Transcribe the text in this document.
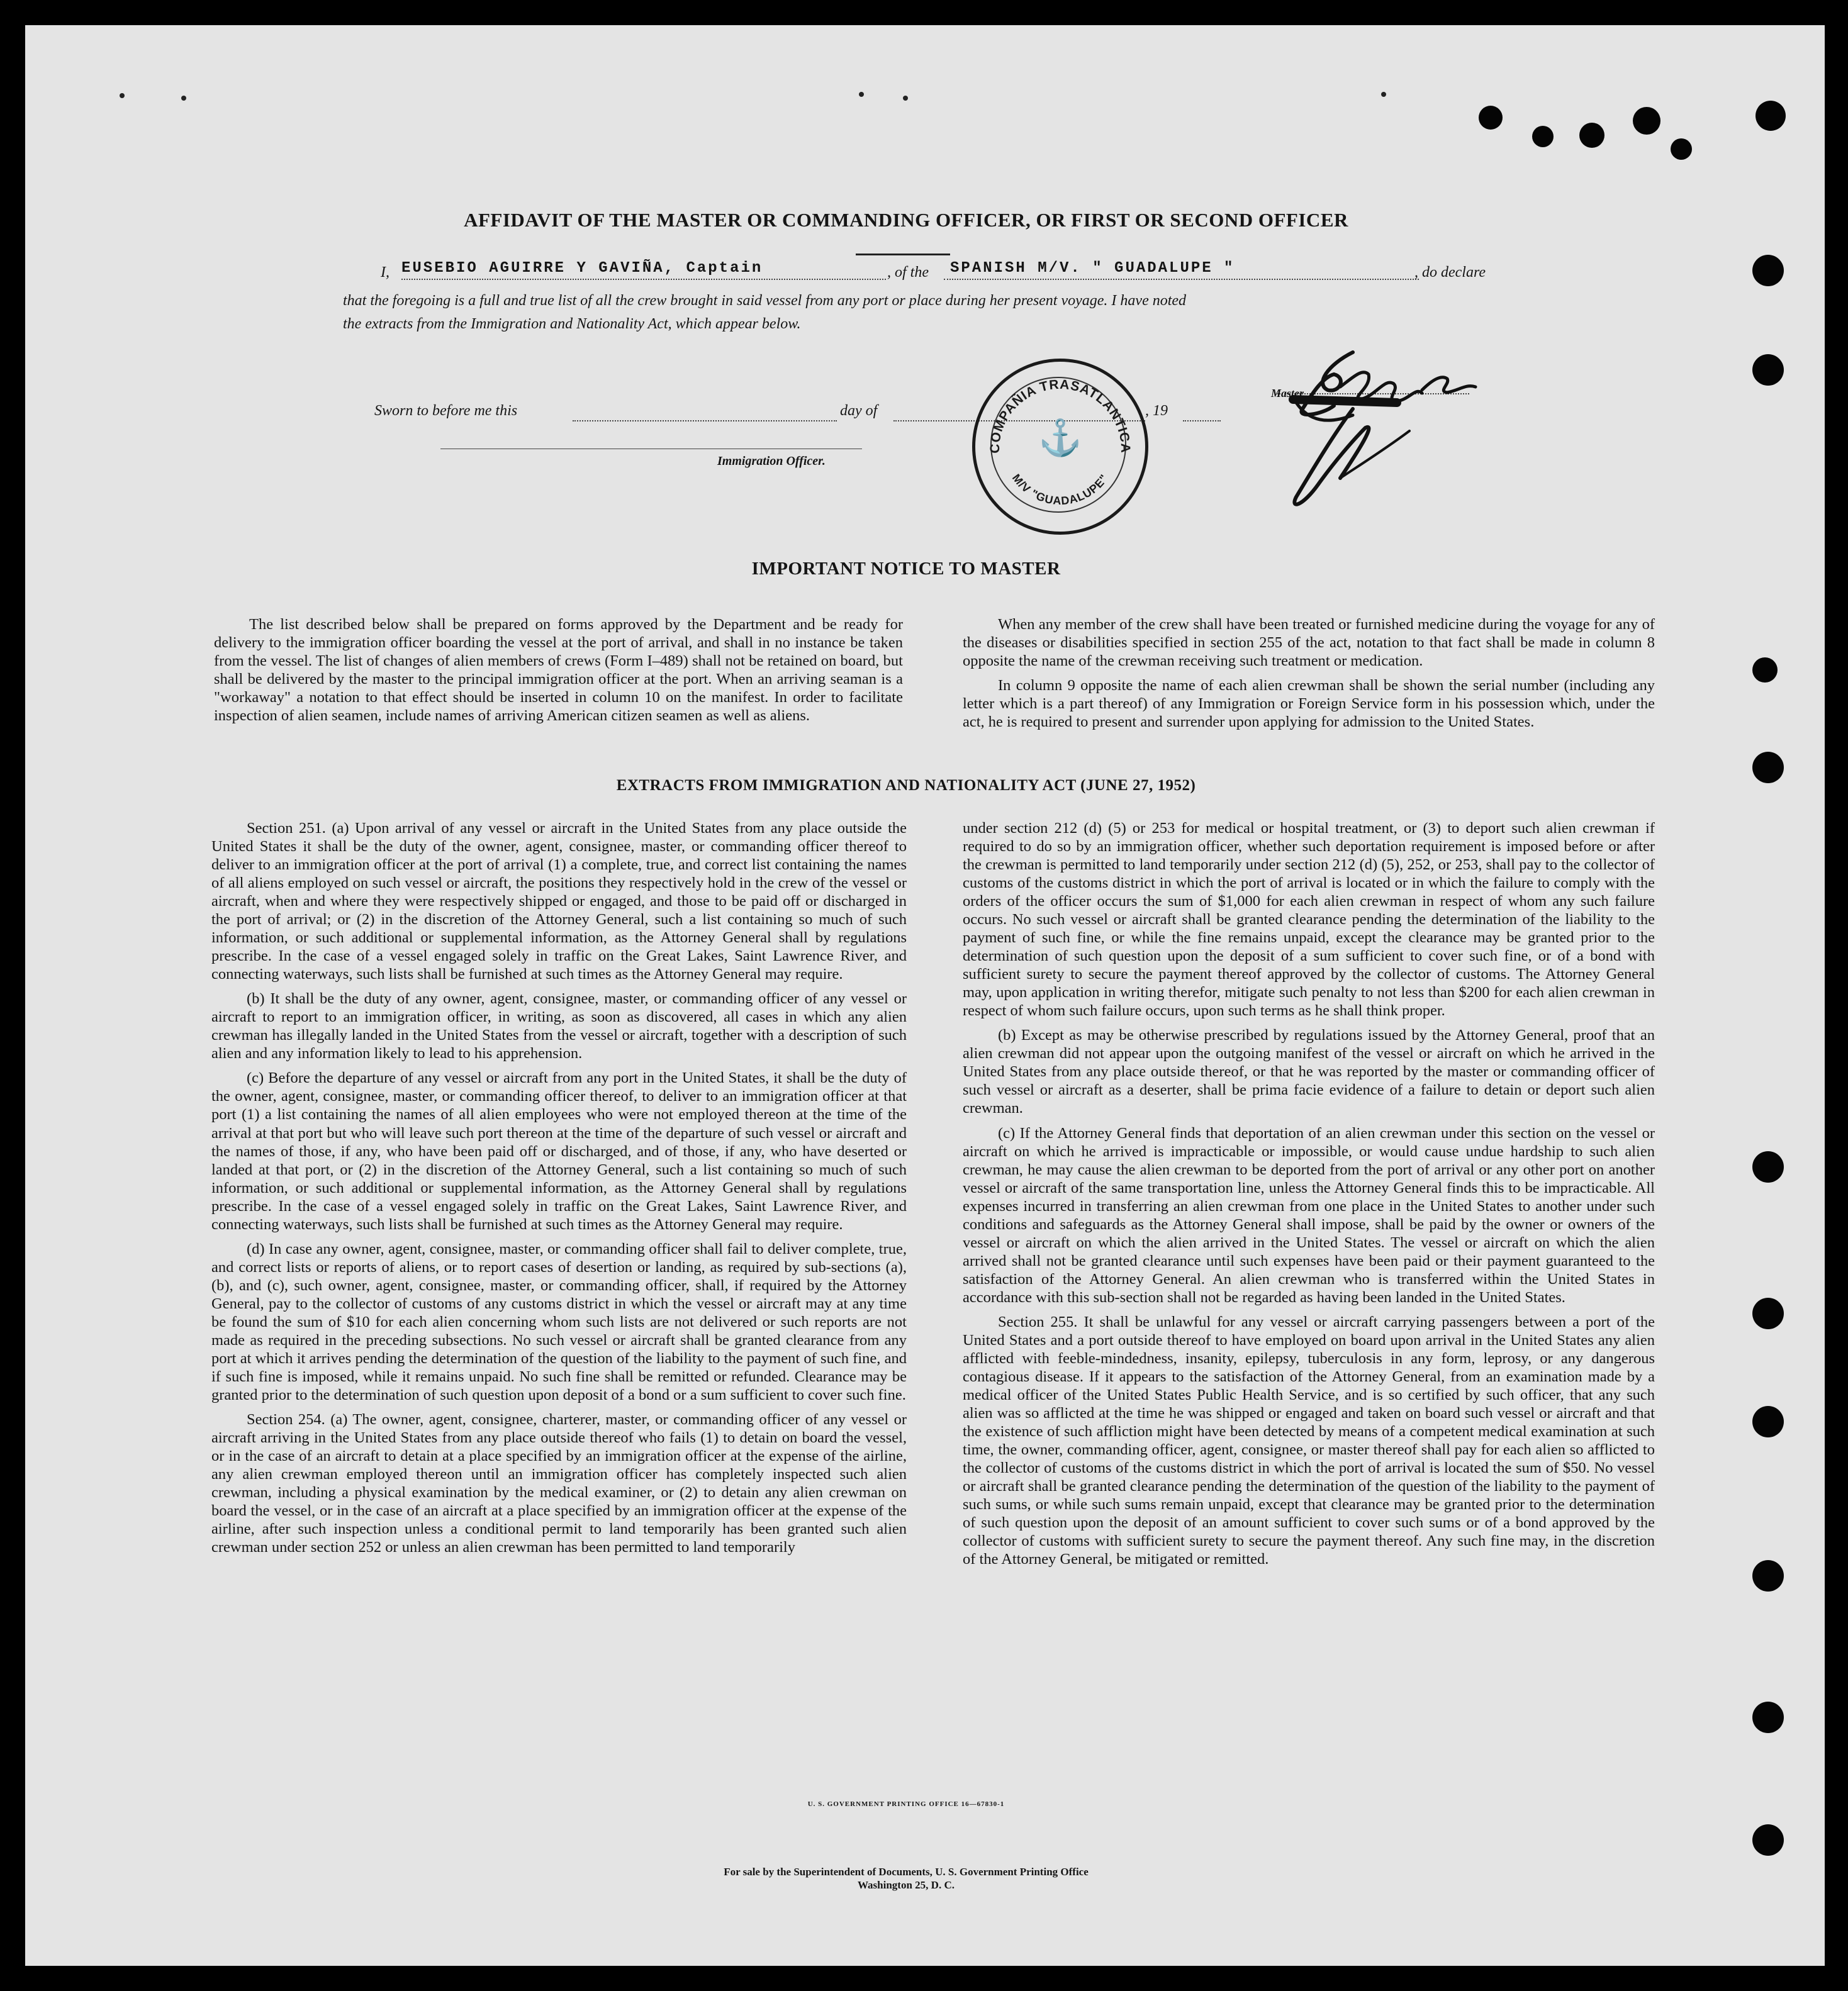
AFFIDAVIT OF THE MASTER OR COMMANDING OFFICER, OR FIRST OR SECOND OFFICER
I, EUSEBIO AGUIRRE Y GAVIÑA, Captain	, of the SPANISH M/V. " GUADALUPE "	, do declare
that the foregoing is a full and true list of all the crew brought in said vessel from any port or place during her present voyage. I have noted
the extracts from the Immigration and Nationality Act, which appear below.
Sworn to before me this	day of	, 19
Immigration Officer.
Master
COMPAÑIA TRASATLANTICA
M/V "GUADALUPE"
⚓
IMPORTANT NOTICE TO MASTER

The list described below shall be prepared on forms approved by the Department and be ready for delivery to the immigration officer boarding the vessel at the port of arrival, and shall in no instance be taken from the vessel. The list of changes of alien members of crews (Form I–489) shall not be retained on board, but shall be delivered by the master to the principal immigration officer at the port. When an arriving seaman is a "workaway" a notation to that effect should be inserted in column 10 on the manifest. In order to facilitate inspection of alien seamen, include names of arriving American citizen seamen as well as aliens.

When any member of the crew shall have been treated or furnished medicine during the voyage for any of the diseases or disabilities specified in section 255 of the act, notation to that fact shall be made in column 8 opposite the name of the crewman receiving such treatment or medication.

In column 9 opposite the name of each alien crewman shall be shown the serial number (including any letter which is a part thereof) of any Immigration or Foreign Service form in his possession which, under the act, he is required to present and surrender upon applying for admission to the United States.

EXTRACTS FROM IMMIGRATION AND NATIONALITY ACT (JUNE 27, 1952)

Section 251. (a) Upon arrival of any vessel or aircraft in the United States from any place outside the United States it shall be the duty of the owner, agent, consignee, master, or commanding officer thereof to deliver to an immigration officer at the port of arrival (1) a complete, true, and correct list containing the names of all aliens employed on such vessel or aircraft, the positions they respectively hold in the crew of the vessel or aircraft, when and where they were respectively shipped or engaged, and those to be paid off or discharged in the port of arrival; or (2) in the discretion of the Attorney General, such a list containing so much of such information, or such additional or supplemental information, as the Attorney General shall by regulations prescribe. In the case of a vessel engaged solely in traffic on the Great Lakes, Saint Lawrence River, and connecting waterways, such lists shall be furnished at such times as the Attorney General may require.

(b) It shall be the duty of any owner, agent, consignee, master, or commanding officer of any vessel or aircraft to report to an immigration officer, in writing, as soon as discovered, all cases in which any alien crewman has illegally landed in the United States from the vessel or aircraft, together with a description of such alien and any information likely to lead to his apprehension.

(c) Before the departure of any vessel or aircraft from any port in the United States, it shall be the duty of the owner, agent, consignee, master, or commanding officer thereof, to deliver to an immigration officer at that port (1) a list containing the names of all alien employees who were not employed thereon at the time of the arrival at that port but who will leave such port thereon at the time of the departure of such vessel or aircraft and the names of those, if any, who have been paid off or discharged, and of those, if any, who have deserted or landed at that port, or (2) in the discretion of the Attorney General, such a list containing so much of such information, or such additional or supplemental information, as the Attorney General shall by regulations prescribe. In the case of a vessel engaged solely in traffic on the Great Lakes, Saint Lawrence River, and connecting waterways, such lists shall be furnished at such times as the Attorney General may require.

(d) In case any owner, agent, consignee, master, or commanding officer shall fail to deliver complete, true, and correct lists or reports of aliens, or to report cases of desertion or landing, as required by sub-sections (a), (b), and (c), such owner, agent, consignee, master, or commanding officer, shall, if required by the Attorney General, pay to the collector of customs of any customs district in which the vessel or aircraft may at any time be found the sum of $10 for each alien concerning whom such lists are not delivered or such reports are not made as required in the preceding subsections. No such vessel or aircraft shall be granted clearance from any port at which it arrives pending the determination of the question of the liability to the payment of such fine, and if such fine is imposed, while it remains unpaid. No such fine shall be remitted or refunded. Clearance may be granted prior to the determination of such question upon deposit of a bond or a sum sufficient to cover such fine.

Section 254. (a) The owner, agent, consignee, charterer, master, or commanding officer of any vessel or aircraft arriving in the United States from any place outside thereof who fails (1) to detain on board the vessel, or in the case of an aircraft to detain at a place specified by an immigration officer at the expense of the airline, any alien crewman employed thereon until an immigration officer has completely inspected such alien crewman, including a physical examination by the medical examiner, or (2) to detain any alien crewman on board the vessel, or in the case of an aircraft at a place specified by an immigration officer at the expense of the airline, after such inspection unless a conditional permit to land temporarily has been granted such alien crewman under section 252 or unless an alien crewman has been permitted to land temporarily

under section 212 (d) (5) or 253 for medical or hospital treatment, or (3) to deport such alien crewman if required to do so by an immigration officer, whether such deportation requirement is imposed before or after the crewman is permitted to land temporarily under section 212 (d) (5), 252, or 253, shall pay to the collector of customs of the customs district in which the port of arrival is located or in which the failure to comply with the orders of the officer occurs the sum of $1,000 for each alien crewman in respect of whom any such failure occurs. No such vessel or aircraft shall be granted clearance pending the determination of the liability to the payment of such fine, or while the fine remains unpaid, except the clearance may be granted prior to the determination of such question upon the deposit of a sum sufficient to cover such fine, or of a bond with sufficient surety to secure the payment thereof approved by the collector of customs. The Attorney General may, upon application in writing therefor, mitigate such penalty to not less than $200 for each alien crewman in respect of whom such failure occurs, upon such terms as he shall think proper.

(b) Except as may be otherwise prescribed by regulations issued by the Attorney General, proof that an alien crewman did not appear upon the outgoing manifest of the vessel or aircraft on which he arrived in the United States from any place outside thereof, or that he was reported by the master or commanding officer of such vessel or aircraft as a deserter, shall be prima facie evidence of a failure to detain or deport such alien crewman.

(c) If the Attorney General finds that deportation of an alien crewman under this section on the vessel or aircraft on which he arrived is impracticable or impossible, or would cause undue hardship to such alien crewman, he may cause the alien crewman to be deported from the port of arrival or any other port on another vessel or aircraft of the same transportation line, unless the Attorney General finds this to be impracticable. All expenses incurred in transferring an alien crewman from one place in the United States to another under such conditions and safeguards as the Attorney General shall impose, shall be paid by the owner or owners of the vessel or aircraft on which the alien arrived in the United States. The vessel or aircraft on which the alien arrived shall not be granted clearance until such expenses have been paid or their payment guaranteed to the satisfaction of the Attorney General. An alien crewman who is transferred within the United States in accordance with this sub-section shall not be regarded as having been landed in the United States.

Section 255. It shall be unlawful for any vessel or aircraft carrying passengers between a port of the United States and a port outside thereof to have employed on board upon arrival in the United States any alien afflicted with feeble-mindedness, insanity, epilepsy, tuberculosis in any form, leprosy, or any dangerous contagious disease. If it appears to the satisfaction of the Attorney General, from an examination made by a medical officer of the United States Public Health Service, and is so certified by such officer, that any such alien was so afflicted at the time he was shipped or engaged and taken on board such vessel or aircraft and that the existence of such affliction might have been detected by means of a competent medical examination at such time, the owner, commanding officer, agent, consignee, or master thereof shall pay for each alien so afflicted to the collector of customs of the customs district in which the port of arrival is located the sum of $50. No vessel or aircraft shall be granted clearance pending the determination of the question of the liability to the payment of such sums, or while such sums remain unpaid, except that clearance may be granted prior to the determination of such question upon the deposit of an amount sufficient to cover such sums or of a bond approved by the collector of customs with sufficient surety to secure the payment thereof. Any such fine may, in the discretion of the Attorney General, be mitigated or remitted.

U. S. GOVERNMENT PRINTING OFFICE 16—67830-1
For sale by the Superintendent of Documents, U. S. Government Printing Office
Washington 25, D. C.
